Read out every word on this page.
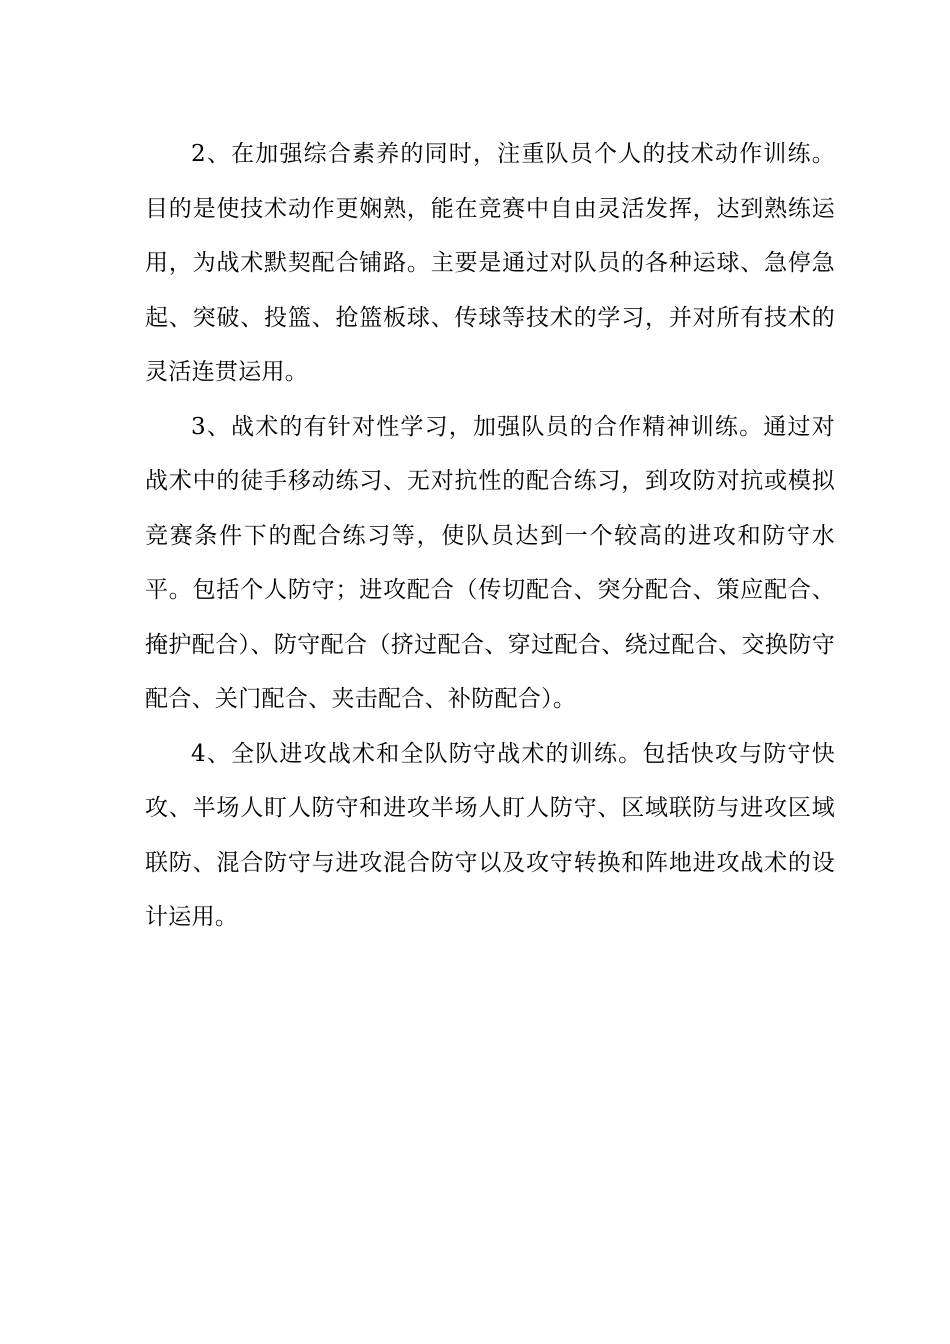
2、在加强综合素养的同时，注重队员个人的技术动作训练。目的是使技术动作更娴熟，能在竞赛中自由灵活发挥，达到熟练运用，为战术默契配合铺路。主要是通过对队员的各种运球、急停急起、突破、投篮、抢篮板球、传球等技术的学习，并对所有技术的灵活连贯运用。

3、战术的有针对性学习，加强队员的合作精神训练。通过对战术中的徒手移动练习、无对抗性的配合练习，到攻防对抗或模拟竞赛条件下的配合练习等，使队员达到一个较高的进攻和防守水平。包括个人防守；进攻配合（传切配合、突分配合、策应配合、掩护配合）、防守配合（挤过配合、穿过配合、绕过配合、交换防守配合、关门配合、夹击配合、补防配合）。

4、全队进攻战术和全队防守战术的训练。包括快攻与防守快攻、半场人盯人防守和进攻半场人盯人防守、区域联防与进攻区域联防、混合防守与进攻混合防守以及攻守转换和阵地进攻战术的设计运用。
